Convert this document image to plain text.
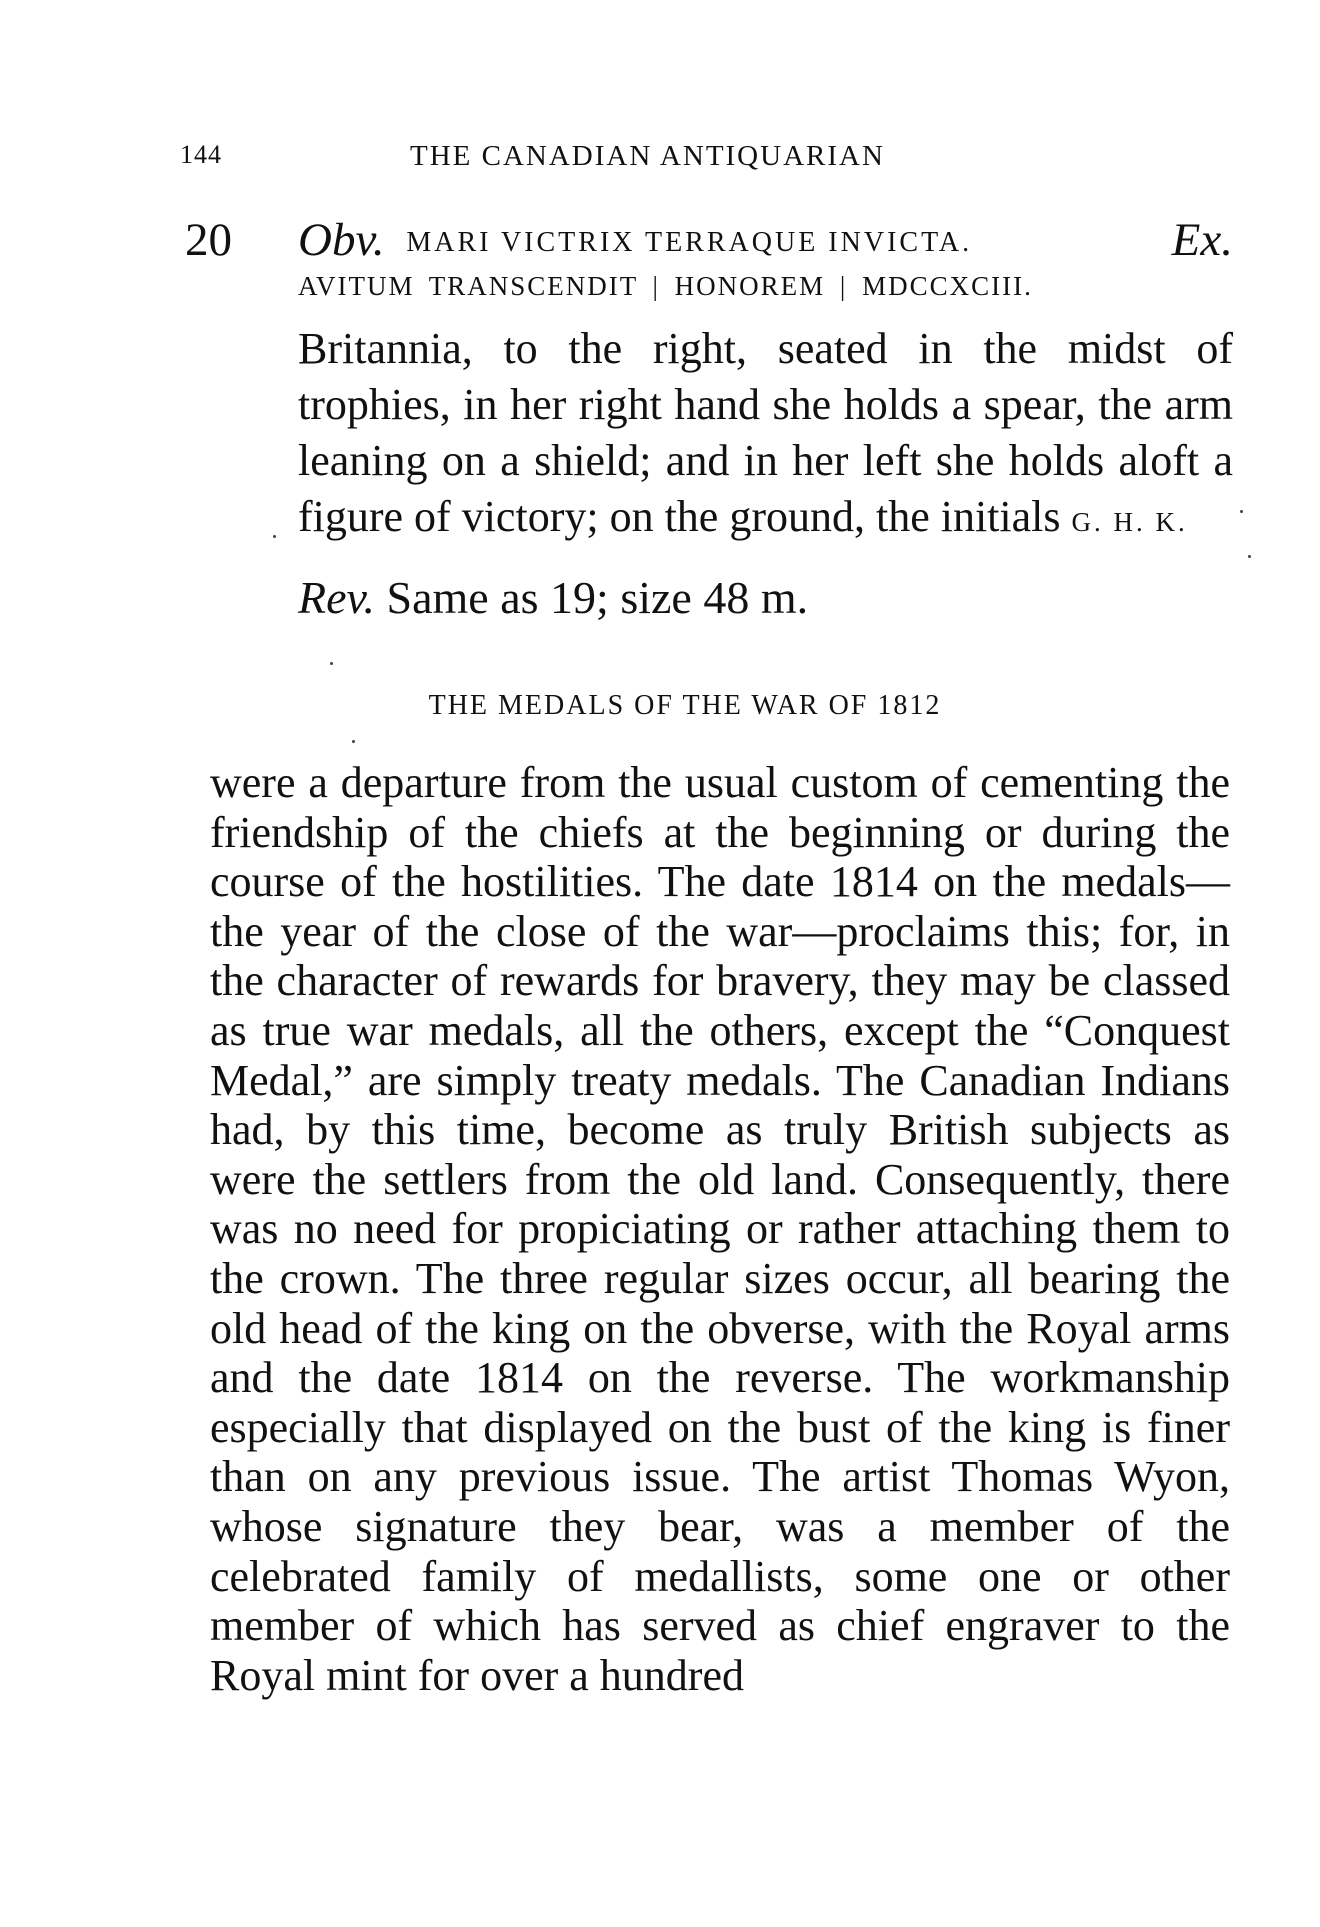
144	THE CANADIAN ANTIQUARIAN
20 Obv. MARI VICTRIX TERRAQUE INVICTA.	Ex.
AVITUM TRANSCENDIT | HONOREM | MDCCXCIII.

Britannia, to the right, seated in the midst of trophies, in her right hand she holds a spear, the arm leaning on a shield; and in her left she holds aloft a figure of victory; on the ground, the initials G. H. K.

Rev. Same as 19; size 48 m.
THE MEDALS OF THE WAR OF 1812

were a departure from the usual custom of cementing the friendship of the chiefs at the beginning or during the course of the hostilities. The date 1814 on the medals—the year of the close of the war—proclaims this; for, in the character of rewards for bravery, they may be classed as true war medals, all the others, except the “Conquest Medal,” are simply treaty medals. The Canadian Indians had, by this time, become as truly British subjects as were the settlers from the old land. Consequently, there was no need for propiciating or rather attaching them to the crown. The three regular sizes occur, all bearing the old head of the king on the obverse, with the Royal arms and the date 1814 on the reverse. The workmanship especially that displayed on the bust of the king is finer than on any previous issue. The artist Thomas Wyon, whose signature they bear, was a member of the celebrated family of medallists, some one or other member of which has served as chief engraver to the Royal mint for over a hundred
